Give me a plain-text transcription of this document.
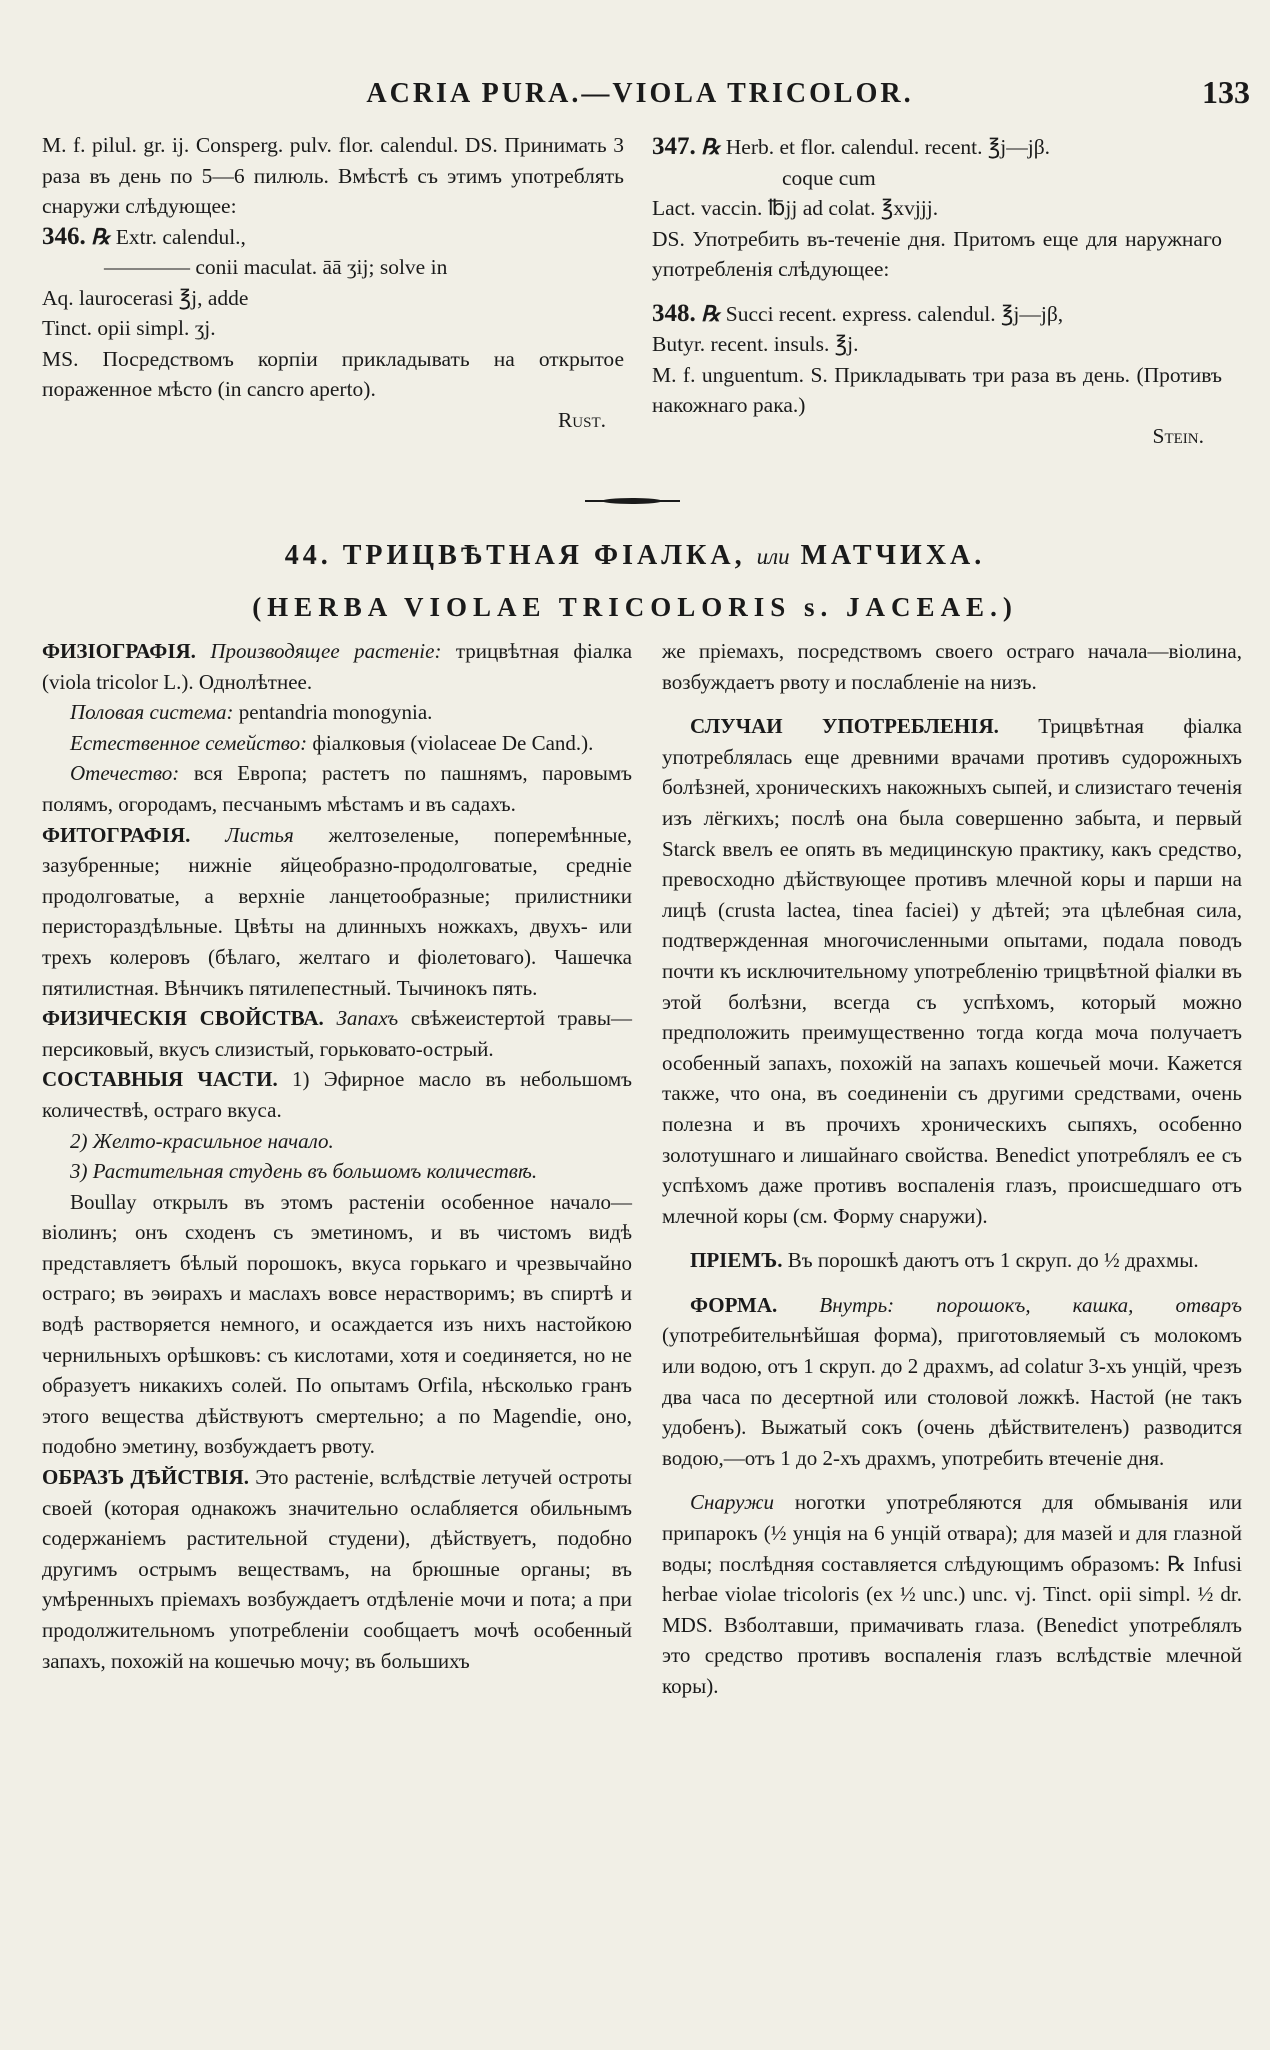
ACRIA PURA.—VIOLA TRICOLOR.	133

M. f. pilul. gr. ij. Consperg. pulv. flor. calendul. DS. Принимать 3 раза въ день по 5—6 пилюль. Вмѣстѣ съ этимъ употреблять снаружи слѣдующее:

346. ℞ Extr. calendul.,

———— conii maculat. āā ʒij; solve in

Aq. laurocerasi ℥j, adde

Tinct. opii simpl. ʒj.

MS. Посредствомъ корпіи прикладывать на открытое пораженное мѣсто (in cancro aperto).

Rust.

347. ℞ Herb. et flor. calendul. recent. ℥j—jβ.

coque cum

Lact. vaccin. ℔jj ad colat. ℥xvjjj.

DS. Употребить въ-теченіе дня. Притомъ еще для наружнаго употребленія слѣдующее:

348. ℞ Succi recent. express. calendul. ℥j—jβ,

Butyr. recent. insuls. ℥j.

M. f. unguentum. S. Прикладывать три раза въ день. (Противъ накожнаго рака.)

Stein.

44. ТРИЦВѢТНАЯ ФІАЛКА, или МАТЧИХА.
(HERBA VIOLAE TRICOLORIS s. JACEAE.)

ФИЗІОГРАФІЯ. Производящее растеніе: трицвѣтная фіалка (viola tricolor L.). Однолѣтнее.

Половая система: pentandria monogynia.

Естественное семейство: фіалковыя (violaceae De Cand.).

Отечество: вся Европа; растетъ по пашнямъ, паровымъ полямъ, огородамъ, песчанымъ мѣстамъ и въ садахъ.

ФИТОГРАФІЯ. Листья желтозеленые, поперемѣнные, зазубренные; нижніе яйцеобразно-продолговатые, средніе продолговатые, а верхніе ланцетообразные; прилистники перистораздѣльные. Цвѣты на длинныхъ ножкахъ, двухъ- или трехъ колеровъ (бѣлаго, желтаго и фіолетоваго). Чашечка пятилистная. Вѣнчикъ пятилепестный. Тычинокъ пять.

ФИЗИЧЕСКІЯ СВОЙСТВА. Запахъ свѣжеистертой травы—персиковый, вкусъ слизистый, горьковато-острый.

СОСТАВНЫЯ ЧАСТИ. 1) Эфирное масло въ небольшомъ количествѣ, остраго вкуса.

2) Желто-красильное начало.

3) Растительная студень въ большомъ количествѣ.

Boullay открылъ въ этомъ растеніи особенное начало—віолинъ; онъ сходенъ съ эметиномъ, и въ чистомъ видѣ представляетъ бѣлый порошокъ, вкуса горькаго и чрезвычайно остраго; въ эѳирахъ и маслахъ вовсе нерастворимъ; въ спиртѣ и водѣ растворяется немного, и осаждается изъ нихъ настойкою чернильныхъ орѣшковъ: съ кислотами, хотя и соединяется, но не образуетъ никакихъ солей. По опытамъ Orfila, нѣсколько гранъ этого вещества дѣйствуютъ смертельно; а по Magendie, оно, подобно эметину, возбуждаетъ рвоту.

ОБРАЗЪ ДѢЙСТВІЯ. Это растеніе, вслѣдствіе летучей остроты своей (которая однакожъ значительно ослабляется обильнымъ содержаніемъ растительной студени), дѣйствуетъ, подобно другимъ острымъ веществамъ, на брюшные органы; въ умѣренныхъ пріемахъ возбуждаетъ отдѣленіе мочи и пота; а при продолжительномъ употребленіи сообщаетъ мочѣ особенный запахъ, похожій на кошечью мочу; въ большихъ

же пріемахъ, посредствомъ своего остраго начала—віолина, возбуждаетъ рвоту и послабленіе на низъ.

СЛУЧАИ УПОТРЕБЛЕНІЯ. Трицвѣтная фіалка употреблялась еще древними врачами противъ судорожныхъ болѣзней, хроническихъ накожныхъ сыпей, и слизистаго теченія изъ лёгкихъ; послѣ она была совершенно забыта, и первый Starck ввелъ ее опять въ медицинскую практику, какъ средство, превосходно дѣйствующее противъ млечной коры и парши на лицѣ (crusta lactea, tinea faciei) у дѣтей; эта цѣлебная сила, подтвержденная многочисленными опытами, подала поводъ почти къ исключительному употребленію трицвѣтной фіалки въ этой болѣзни, всегда съ успѣхомъ, который можно предположить преимущественно тогда когда моча получаетъ особенный запахъ, похожій на запахъ кошечьей мочи. Кажется также, что она, въ соединеніи съ другими средствами, очень полезна и въ прочихъ хроническихъ сыпяхъ, особенно золотушнаго и лишайнаго свойства. Benedict употреблялъ ее съ успѣхомъ даже противъ воспаленія глазъ, происшедшаго отъ млечной коры (см. Форму снаружи).

ПРІЕМЪ. Въ порошкѣ даютъ отъ 1 скруп. до ½ драхмы.

ФОРМА. Внутрь: порошокъ, кашка, отваръ (употребительнѣйшая форма), приготовляемый съ молокомъ или водою, отъ 1 скруп. до 2 драхмъ, ad colatur 3-хъ унцій, чрезъ два часа по десертной или столовой ложкѣ. Настой (не такъ удобенъ). Выжатый сокъ (очень дѣйствителенъ) разводится водою,—отъ 1 до 2-хъ драхмъ, употребить втеченіе дня.

Снаружи ноготки употребляются для обмыванія или припарокъ (½ унція на 6 унцій отвара); для мазей и для глазной воды; послѣдняя составляется слѣдующимъ образомъ: ℞ Infusi herbae violae tricoloris (ex ½ unc.) unc. vj. Tinct. opii simpl. ½ dr. MDS. Взболтавши, примачивать глаза. (Benedict употреблялъ это средство противъ воспаленія глазъ вслѣдствіе млечной коры).
